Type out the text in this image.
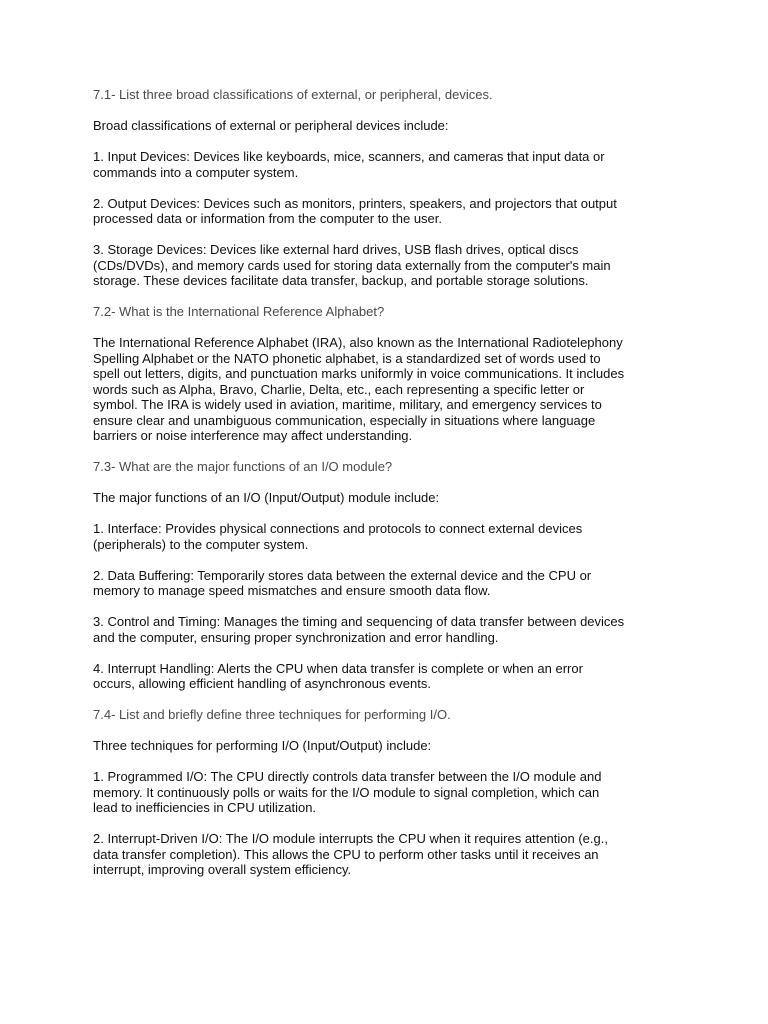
7.1- List three broad classifications of external, or peripheral, devices.

Broad classifications of external or peripheral devices include:

1. Input Devices: Devices like keyboards, mice, scanners, and cameras that input data or
commands into a computer system.

2. Output Devices: Devices such as monitors, printers, speakers, and projectors that output
processed data or information from the computer to the user.

3. Storage Devices: Devices like external hard drives, USB flash drives, optical discs
(CDs/DVDs), and memory cards used for storing data externally from the computer's main
storage. These devices facilitate data transfer, backup, and portable storage solutions.

7.2- What is the International Reference Alphabet?

The International Reference Alphabet (IRA), also known as the International Radiotelephony
Spelling Alphabet or the NATO phonetic alphabet, is a standardized set of words used to
spell out letters, digits, and punctuation marks uniformly in voice communications. It includes
words such as Alpha, Bravo, Charlie, Delta, etc., each representing a specific letter or
symbol. The IRA is widely used in aviation, maritime, military, and emergency services to
ensure clear and unambiguous communication, especially in situations where language
barriers or noise interference may affect understanding.

7.3- What are the major functions of an I/O module?

The major functions of an I/O (Input/Output) module include:

1. Interface: Provides physical connections and protocols to connect external devices
(peripherals) to the computer system.

2. Data Buffering: Temporarily stores data between the external device and the CPU or
memory to manage speed mismatches and ensure smooth data flow.

3. Control and Timing: Manages the timing and sequencing of data transfer between devices
and the computer, ensuring proper synchronization and error handling.

4. Interrupt Handling: Alerts the CPU when data transfer is complete or when an error
occurs, allowing efficient handling of asynchronous events.

7.4- List and briefly define three techniques for performing I/O.

Three techniques for performing I/O (Input/Output) include:

1. Programmed I/O: The CPU directly controls data transfer between the I/O module and
memory. It continuously polls or waits for the I/O module to signal completion, which can
lead to inefficiencies in CPU utilization.

2. Interrupt-Driven I/O: The I/O module interrupts the CPU when it requires attention (e.g.,
data transfer completion). This allows the CPU to perform other tasks until it receives an
interrupt, improving overall system efficiency.
